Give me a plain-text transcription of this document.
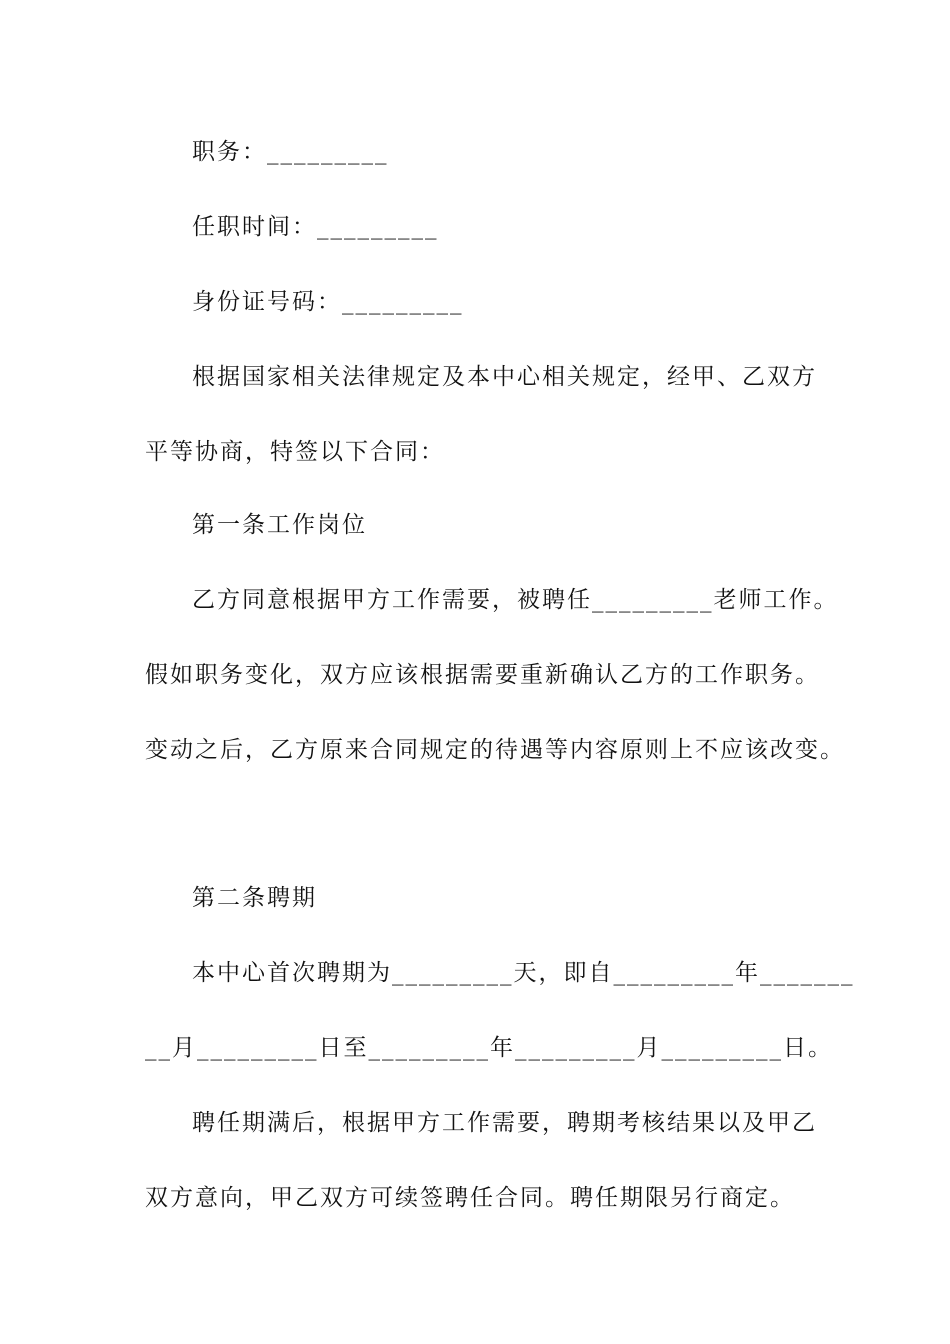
职务：_________
任职时间：_________
身份证号码：_________
根据国家相关法律规定及本中心相关规定，经甲、乙双方
平等协商，特签以下合同：
第一条工作岗位
乙方同意根据甲方工作需要，被聘任_________老师工作。
假如职务变化，双方应该根据需要重新确认乙方的工作职务。
变动之后，乙方原来合同规定的待遇等内容原则上不应该改变。
第二条聘期
本中心首次聘期为_________天，即自_________年_______
__月_________日至_________年_________月_________日。
聘任期满后，根据甲方工作需要，聘期考核结果以及甲乙
双方意向，甲乙双方可续签聘任合同。聘任期限另行商定。
